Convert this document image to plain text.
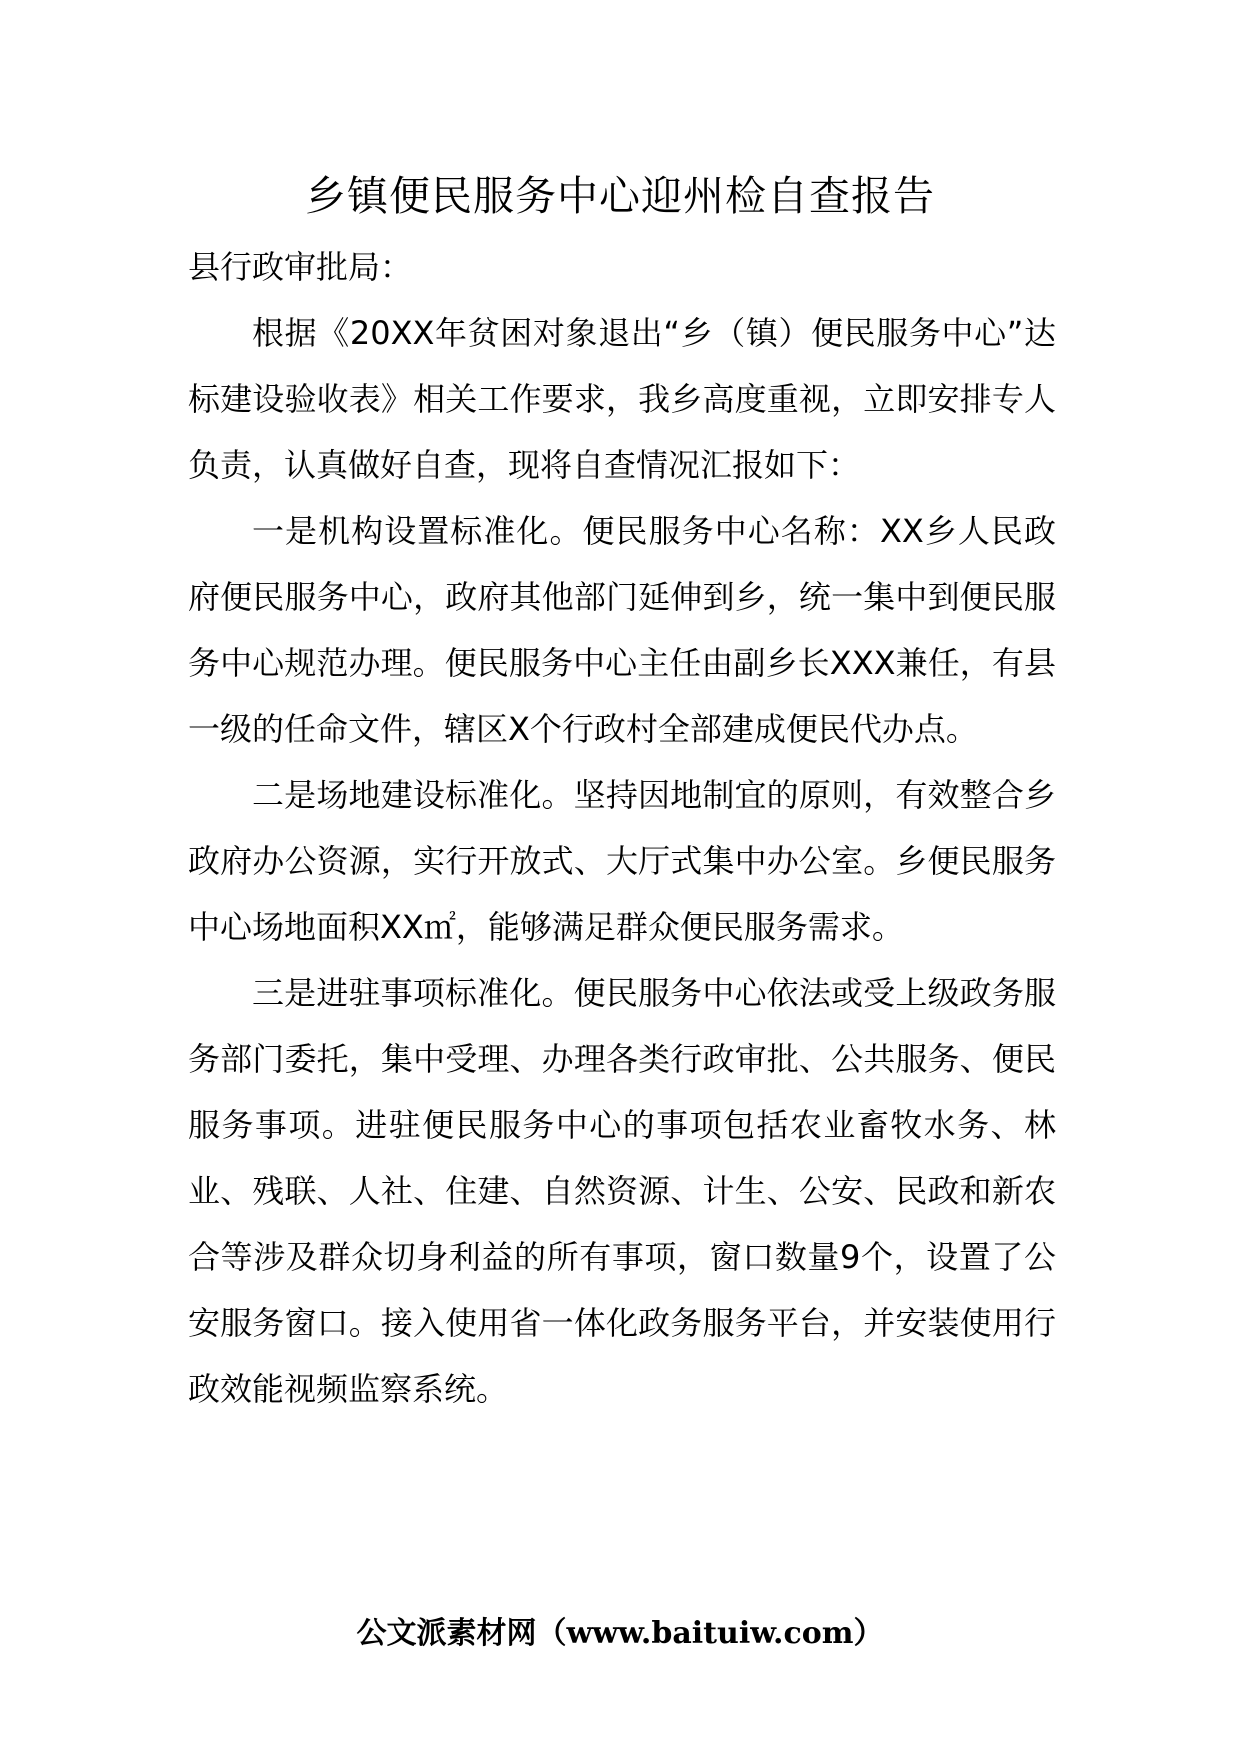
乡镇便民服务中心迎州检自查报告

县行政审批局：

根据《20XX年贫困对象退出“乡（镇）便民服务中心”达标建设验收表》相关工作要求，我乡高度重视，立即安排专人负责，认真做好自查，现将自查情况汇报如下：

一是机构设置标准化。便民服务中心名称：XX乡人民政府便民服务中心，政府其他部门延伸到乡，统一集中到便民服务中心规范办理。便民服务中心主任由副乡长XXX兼任，有县一级的任命文件，辖区X个行政村全部建成便民代办点。

二是场地建设标准化。坚持因地制宜的原则，有效整合乡政府办公资源，实行开放式、大厅式集中办公室。乡便民服务中心场地面积XX㎡，能够满足群众便民服务需求。

三是进驻事项标准化。便民服务中心依法或受上级政务服务部门委托，集中受理、办理各类行政审批、公共服务、便民服务事项。进驻便民服务中心的事项包括农业畜牧水务、林业、残联、人社、住建、自然资源、计生、公安、民政和新农合等涉及群众切身利益的所有事项，窗口数量9个，设置了公安服务窗口。接入使用省一体化政务服务平台，并安装使用行政效能视频监察系统。

公文派素材网（www.baituiw.com）
